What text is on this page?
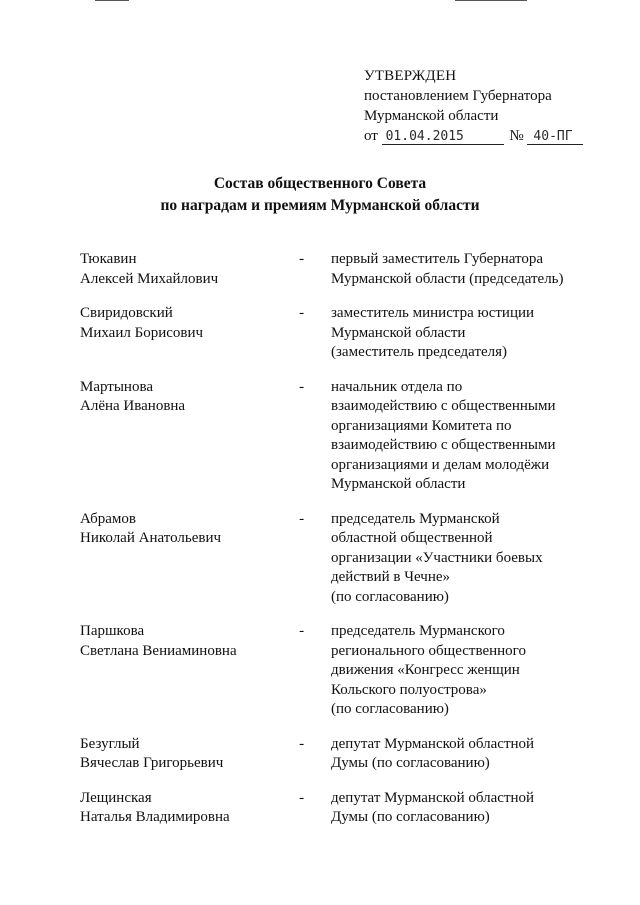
УТВЕРЖДЕН
постановлением Губернатора
Мурманской области
от 01.04.2015	№ 40-ПГ
Состав общественного Совета
по наградам и премиям Мурманской области
Тюкавин
Алексей Михайлович
-	первый заместитель Губернатора
Мурманской области (председатель)
Свиридовский
Михаил Борисович
-	заместитель министра юстиции
Мурманской области
(заместитель председателя)
Мартынова
Алёна Ивановна
-	начальник отдела по
взаимодействию с общественными
организациями Комитета по
взаимодействию с общественными
организациями и делам молодёжи
Мурманской области
Абрамов
Николай Анатольевич
-	председатель Мурманской
областной общественной
организации «Участники боевых
действий в Чечне»
(по согласованию)
Паршкова
Светлана Вениаминовна
-	председатель Мурманского
регионального общественного
движения «Конгресс женщин
Кольского полуострова»
(по согласованию)
Безуглый
Вячеслав Григорьевич
-	депутат Мурманской областной
Думы (по согласованию)
Лещинская
Наталья Владимировна
-	депутат Мурманской областной
Думы (по согласованию)
